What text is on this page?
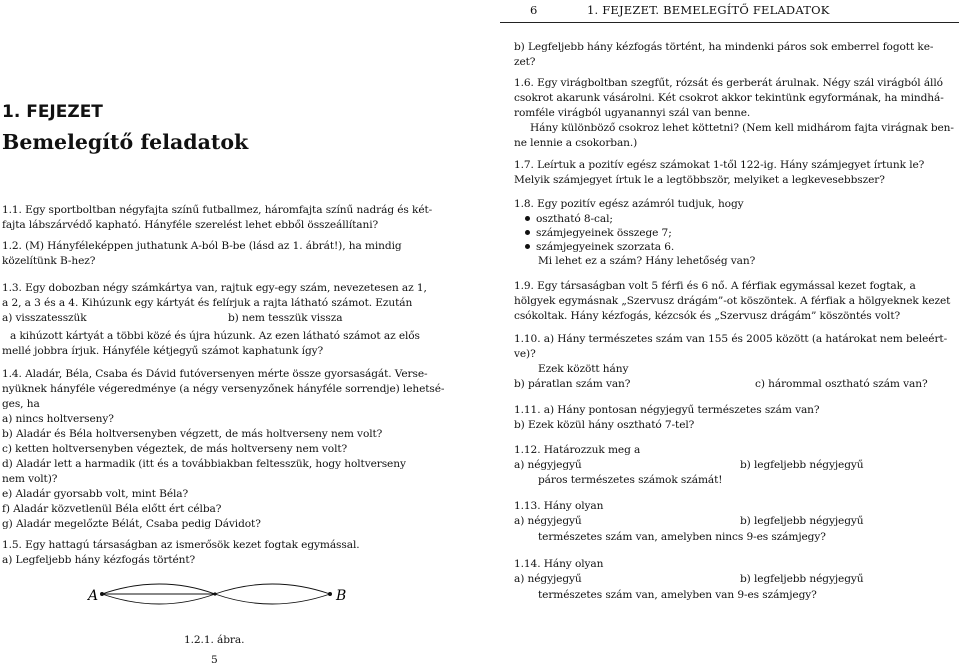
6	1. FEJEZET. BEMELEGÍTŐ FELADATOK

1. FEJEZET
Bemelegítő feladatok

1.1. Egy sportboltban négyfajta színű futballmez, háromfajta színű nadrág és két-

fajta lábszárvédő kapható. Hányféle szerelést lehet ebből összeállítani?

1.2. (M) Hányféleképpen juthatunk A-ból B-be (lásd az 1. ábrát!), ha mindig

közelítünk B-hez?

1.3. Egy dobozban négy számkártya van, rajtuk egy-egy szám, nevezetesen az 1,

a 2, a 3 és a 4. Kihúzunk egy kártyát és felírjuk a rajta látható számot. Ezután

a) visszatesszük	b) nem tesszük vissza

a kihúzott kártyát a többi közé és újra húzunk. Az ezen látható számot az elős

mellé jobbra írjuk. Hányféle kétjegyű számot kaphatunk így?

1.4. Aladár, Béla, Csaba és Dávid futóversenyen mérte össze gyorsaságát. Verse-

nyüknek hányféle végeredménye (a négy versenyzőnek hányféle sorrendje) lehetsé-

ges, ha

a) nincs holtverseny?

b) Aladár és Béla holtversenyben végzett, de más holtverseny nem volt?

c) ketten holtversenyben végeztek, de más holtverseny nem volt?

d) Aladár lett a harmadik (itt és a továbbiakban feltesszük, hogy holtverseny

nem volt)?

e) Aladár gyorsabb volt, mint Béla?

f) Aladár közvetlenül Béla előtt ért célba?

g) Aladár megelőzte Bélát, Csaba pedig Dávidot?

1.5. Egy hattagú társaságban az ismerősök kezet fogtak egymással.

a) Legfeljebb hány kézfogás történt?

A	B

1.2.1. ábra.

5

b) Legfeljebb hány kézfogás történt, ha mindenki páros sok emberrel fogott ke-

zet?

1.6. Egy virágboltban szegfűt, rózsát és gerberát árulnak. Négy szál virágból álló

csokrot akarunk vásárolni. Két csokrot akkor tekintünk egyformának, ha mindhá-

romféle virágból ugyanannyi szál van benne.

Hány különböző csokroz lehet köttetni? (Nem kell midhárom fajta virágnak ben-

ne lennie a csokorban.)

1.7. Leírtuk a pozitív egész számokat 1-től 122-ig. Hány számjegyet írtunk le?

Melyik számjegyet írtuk le a legtöbbször, melyiket a legkevesebbszer?

1.8. Egy pozitív egész azámról tudjuk, hogy

osztható 8-cal;

számjegyeinek összege 7;

számjegyeinek szorzata 6.

Mi lehet ez a szám? Hány lehetőség van?

1.9. Egy társaságban volt 5 férfi és 6 nő. A férfiak egymással kezet fogtak, a

hölgyek egymásnak „Szervusz drágám”-ot köszöntek. A férfiak a hölgyeknek kezet

csókoltak. Hány kézfogás, kézcsók és „Szervusz drágám” köszöntés volt?

1.10. a) Hány természetes szám van 155 és 2005 között (a határokat nem beleért-

ve)?

Ezek között hány

b) páratlan szám van?	c) hárommal osztható szám van?

1.11. a) Hány pontosan négyjegyű természetes szám van?

b) Ezek közül hány osztható 7-tel?

1.12. Határozzuk meg a

a) négyjegyű	b) legfeljebb négyjegyű

páros természetes számok számát!

1.13. Hány olyan

a) négyjegyű	b) legfeljebb négyjegyű

természetes szám van, amelyben nincs 9-es számjegy?

1.14. Hány olyan

a) négyjegyű	b) legfeljebb négyjegyű

természetes szám van, amelyben van 9-es számjegy?
